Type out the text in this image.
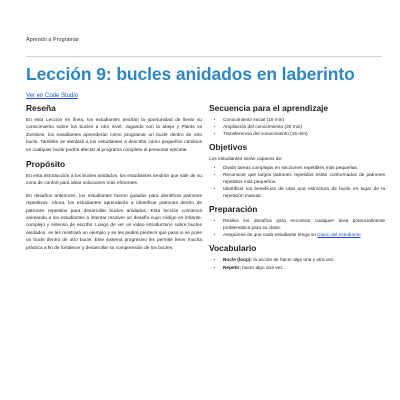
Aprendo a Programar
Lección 9: bucles anidados en laberinto
Ver en Code Studio
Reseña

En esta Lección en línea, los estudiantes tendrán la oportunidad de llevar su conocimiento sobre los bucles a otro nivel. Jugando con la abeja y Plants vs Zombies, los estudiantes aprenderán cómo programar un bucle dentro de otro bucle. También se alentará a los estudiantes a describir cómo pequeños cambios en cualquier bucle podría afectar al programa completo al presionar ejecutar.

Propósito

En esta introducción a los bucles anidados, los estudiantes tendrán que salir de su zona de confort para idear soluciones más eficientes.

En desafíos anteriores, los estudiantes fueron guiados para identificar patrones repetitivos. Ahora, los estudiantes aprenderán a identificar patrones dentro de patrones repetidos para desarrollar bucles anidados. Esta lección comienza animando a los estudiantes a intentar resolver un desafío cuyo código es irritante, complejo y extenso de escribir. Luego de ver un video introductorio sobre bucles anidados, se les mostrará un ejemplo y se les pedirá predecir qué pasa si se pone un bucle dentro de otro bucle. Este sistema progresivo les permite tener mucha práctica a fin de fortalecer y desarrollar su comprensión de los bucles.

Secuencia para el aprendizaje
• Conocimiento inicial (10 min)
• Ampliación del conocimiento (30 min)
• Transferencia del conocimiento (15 min)
Objetivos

Los estudiantes serán capaces de:

• Dividir tareas complejas en secciones repetibles más pequeñas.
• Reconocer que largos patrones repetidos están conformados de patrones repetidos más pequeños.
• Identificar los beneficios de usar una estructura de bucle en lugar de la repetición manual.
Preparación
• Realice los desafíos para encontrar cualquier área potencialmente problemática para su clase.
• Asegúrese de que cada estudiante tenga su Diario del estudiante.
Vocabulario
• Bucle (loop): la acción de hacer algo una y otra vez.
• Repetir: hacer algo otra vez.
